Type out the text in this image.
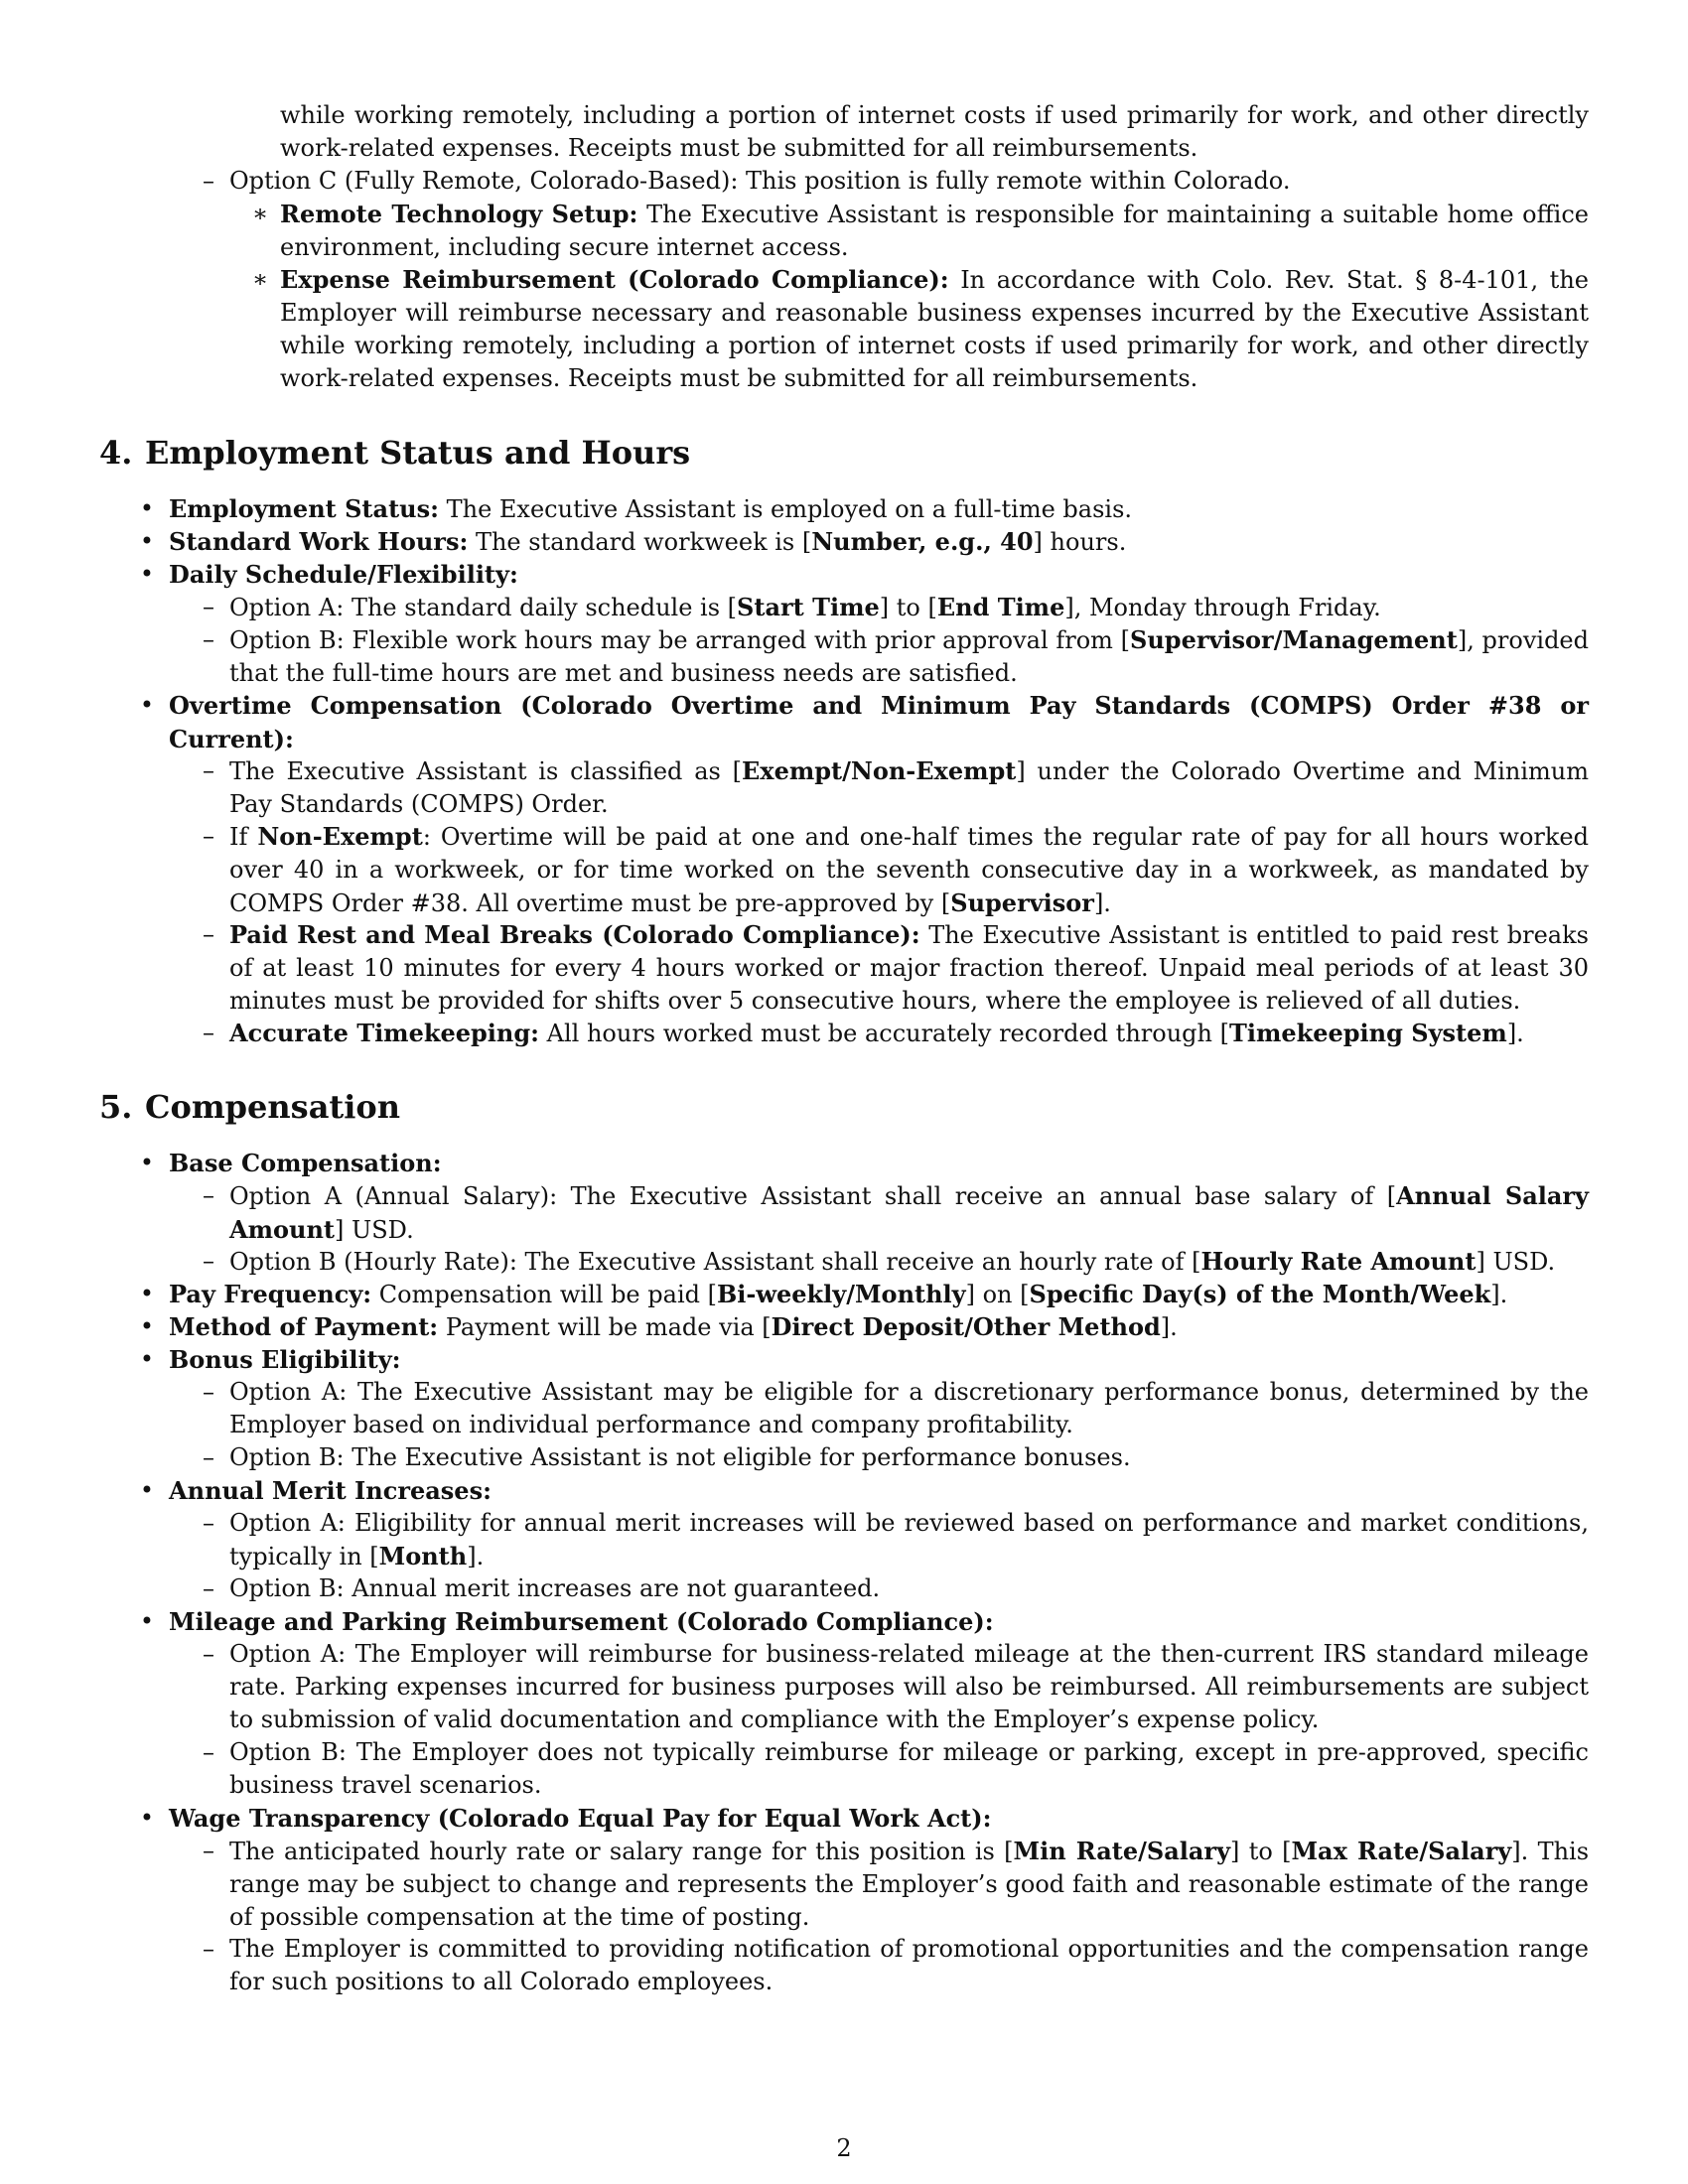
while working remotely, including a portion of internet costs if used primarily for work, and other directly work-related expenses. Receipts must be submitted for all reimbursements.
– Option C (Fully Remote, Colorado-Based): This position is fully remote within Colorado.
∗ Remote Technology Setup: The Executive Assistant is responsible for maintaining a suitable home office environment, including secure internet access.
∗ Expense Reimbursement (Colorado Compliance): In accordance with Colo. Rev. Stat. § 8-4-101, the Employer will reimburse necessary and reasonable business expenses incurred by the Executive Assistant while working remotely, including a portion of internet costs if used primarily for work, and other directly work-related expenses. Receipts must be submitted for all reimbursements.
4. Employment Status and Hours
• Employment Status: The Executive Assistant is employed on a full-time basis.
• Standard Work Hours: The standard workweek is [Number, e.g., 40] hours.
• Daily Schedule/Flexibility:
– Option A: The standard daily schedule is [Start Time] to [End Time], Monday through Friday.
– Option B: Flexible work hours may be arranged with prior approval from [Supervisor/Management], provided that the full-time hours are met and business needs are satisfied.
• Overtime Compensation (Colorado Overtime and Minimum Pay Standards (COMPS) Order #38 or Current):
– The Executive Assistant is classified as [Exempt/Non-Exempt] under the Colorado Overtime and Minimum Pay Standards (COMPS) Order.
– If Non-Exempt: Overtime will be paid at one and one-half times the regular rate of pay for all hours worked over 40 in a workweek, or for time worked on the seventh consecutive day in a workweek, as mandated by COMPS Order #38. All overtime must be pre-approved by [Supervisor].
– Paid Rest and Meal Breaks (Colorado Compliance): The Executive Assistant is entitled to paid rest breaks of at least 10 minutes for every 4 hours worked or major fraction thereof. Unpaid meal periods of at least 30 minutes must be provided for shifts over 5 consecutive hours, where the employee is relieved of all duties.
– Accurate Timekeeping: All hours worked must be accurately recorded through [Timekeeping System].
5. Compensation
• Base Compensation:
– Option A (Annual Salary): The Executive Assistant shall receive an annual base salary of [Annual Salary Amount] USD.
– Option B (Hourly Rate): The Executive Assistant shall receive an hourly rate of [Hourly Rate Amount] USD.
• Pay Frequency: Compensation will be paid [Bi-weekly/Monthly] on [Specific Day(s) of the Month/Week].
• Method of Payment: Payment will be made via [Direct Deposit/Other Method].
• Bonus Eligibility:
– Option A: The Executive Assistant may be eligible for a discretionary performance bonus, determined by the Employer based on individual performance and company profitability.
– Option B: The Executive Assistant is not eligible for performance bonuses.
• Annual Merit Increases:
– Option A: Eligibility for annual merit increases will be reviewed based on performance and market conditions, typically in [Month].
– Option B: Annual merit increases are not guaranteed.
• Mileage and Parking Reimbursement (Colorado Compliance):
– Option A: The Employer will reimburse for business-related mileage at the then-current IRS standard mileage rate. Parking expenses incurred for business purposes will also be reimbursed. All reimbursements are subject to submission of valid documentation and compliance with the Employer’s expense policy.
– Option B: The Employer does not typically reimburse for mileage or parking, except in pre-approved, specific business travel scenarios.
• Wage Transparency (Colorado Equal Pay for Equal Work Act):
– The anticipated hourly rate or salary range for this position is [Min Rate/Salary] to [Max Rate/Salary]. This range may be subject to change and represents the Employer’s good faith and reasonable estimate of the range of possible compensation at the time of posting.
– The Employer is committed to providing notification of promotional opportunities and the compensation range for such positions to all Colorado employees.
2
